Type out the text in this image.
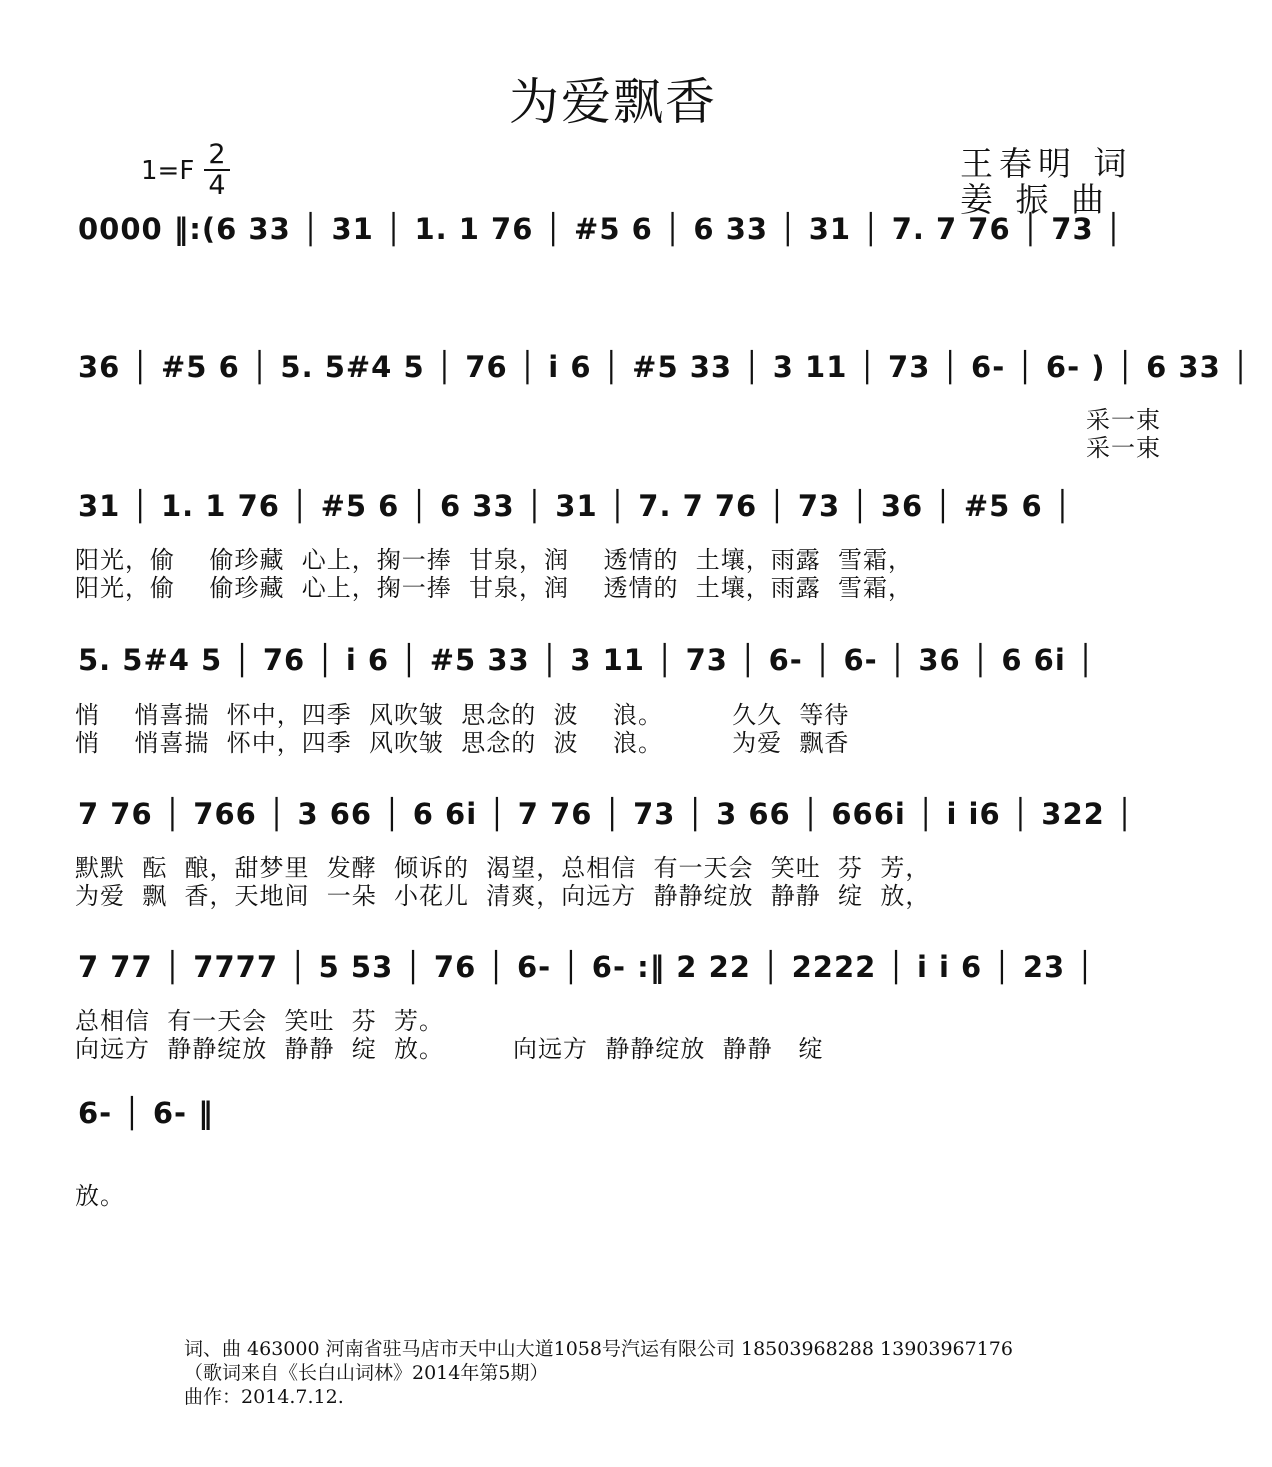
为爱飘香
1=F
2
4
王春明 词
姜 振 曲
0000 ‖:(6 33 │ 31 │ 1. 1 76 │ #5 6 │ 6 33 │ 31 │ 7. 7 76 │ 73 │
36 │ #5 6 │ 5. 5#4 5 │ 76 │ i 6 │ #5 33 │ 3 11 │ 73 │ 6- │ 6- ) │ 6 33 │
采一束
采一束
31 │ 1. 1 76 │ #5 6 │ 6 33 │ 31 │ 7. 7 76 │ 73 │ 36 │ #5 6 │
阳光，偷    偷珍藏  心上，掬一捧  甘泉，润    透情的  土壤，雨露  雪霜，
阳光，偷    偷珍藏  心上，掬一捧  甘泉，润    透情的  土壤，雨露  雪霜，
5. 5#4 5 │ 76 │ i 6 │ #5 33 │ 3 11 │ 73 │ 6- │ 6- │ 36 │ 6 6i │
悄    悄喜揣  怀中，四季  风吹皱  思念的  波    浪。        久久  等待
悄    悄喜揣  怀中，四季  风吹皱  思念的  波    浪。        为爱  飘香
7 76 │ 766 │ 3 66 │ 6 6i │ 7 76 │ 73 │ 3 66 │ 666i │ i i6 │ 322 │
默默  酝  酿，甜梦里  发酵  倾诉的  渴望，总相信  有一天会  笑吐  芬  芳，
为爱  飘  香，天地间  一朵  小花儿  清爽，向远方  静静绽放  静静  绽  放，
7 77 │ 7777 │ 5 53 │ 76 │ 6- │ 6- :‖ 2 22 │ 2222 │ i i 6 │ 23 │
总相信  有一天会  笑吐  芬  芳。
向远方  静静绽放  静静  绽  放。        向远方  静静绽放  静静   绽
6- │ 6- ‖
放。
词、曲 463000 河南省驻马店市天中山大道1058号汽运有限公司 18503968288 13903967176
（歌词来自《长白山词林》2014年第5期）
曲作：2014.7.12.
